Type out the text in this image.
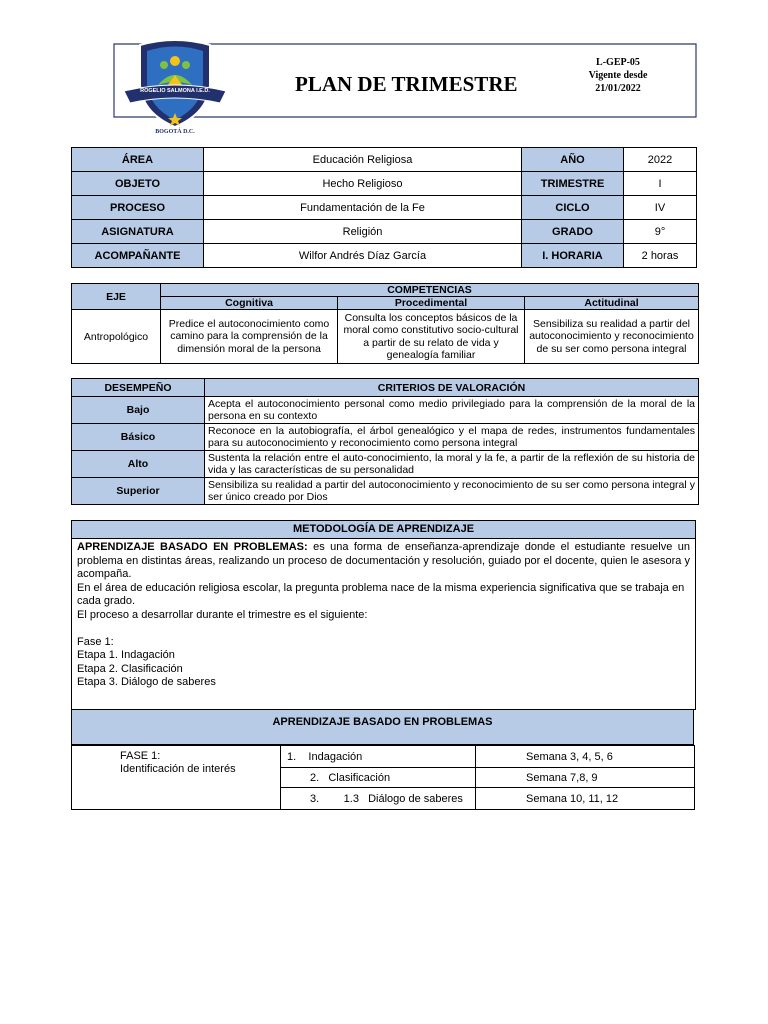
ROGELIO SALMONA I.E.D.
BOGOTÁ D.C.
PLAN DE TRIMESTRE
L-GEP-05
Vigente desde
21/01/2022
ÁREA	Educación Religiosa	AÑO	2022
OBJETO	Hecho Religioso	TRIMESTRE	I
PROCESO	Fundamentación de la Fe	CICLO	IV
ASIGNATURA	Religión	GRADO	9°
ACOMPAÑANTE	Wilfor Andrés Díaz García	I. HORARIA	2 horas
EJE	COMPETENCIAS		
	Cognitiva	Procedimental	Actitudinal
Antropológico	Predice el autoconocimiento como camino para la comprensión de la dimensión moral de la persona	Consulta los conceptos básicos de la moral como constitutivo socio-cultural a partir de su relato de vida y genealogía familiar	Sensibiliza su realidad a partir del autoconocimiento y reconocimiento de su ser como persona integral
DESEMPEÑO	CRITERIOS DE VALORACIÓN
Bajo	Acepta el autoconocimiento personal como medio privilegiado para la comprensión de la moral de la persona en su contexto
Básico	Reconoce en la autobiografía, el árbol genealógico y el mapa de redes, instrumentos fundamentales para su autoconocimiento y reconocimiento como persona integral
Alto	Sustenta la relación entre el auto-conocimiento, la moral y la fe, a partir de la reflexión de su historia de vida y las características de su personalidad
Superior	Sensibiliza su realidad a partir del autoconocimiento y reconocimiento de su ser como persona integral y ser único creado por Dios
METODOLOGÍA DE APRENDIZAJE
APRENDIZAJE BASADO EN PROBLEMAS: es una forma de enseñanza-aprendizaje donde el estudiante resuelve un problema en distintas áreas, realizando un proceso de documentación y resolución, guiado por el docente, quien le asesora y acompaña.
En el área de educación religiosa escolar, la pregunta problema nace de la misma experiencia significativa que se trabaja en cada grado.
El proceso a desarrollar durante el trimestre es el siguiente:
Fase 1:
Etapa 1. Indagación
Etapa 2. Clasificación
Etapa 3. Diálogo de saberes
APRENDIZAJE BASADO EN PROBLEMAS
FASE 1:
Identificación de interés	1. Indagación	Semana 3, 4, 5, 6
	2. Clasificación	Semana 7,8, 9
	3. 1.3 Diálogo de saberes	Semana 10, 11, 12
